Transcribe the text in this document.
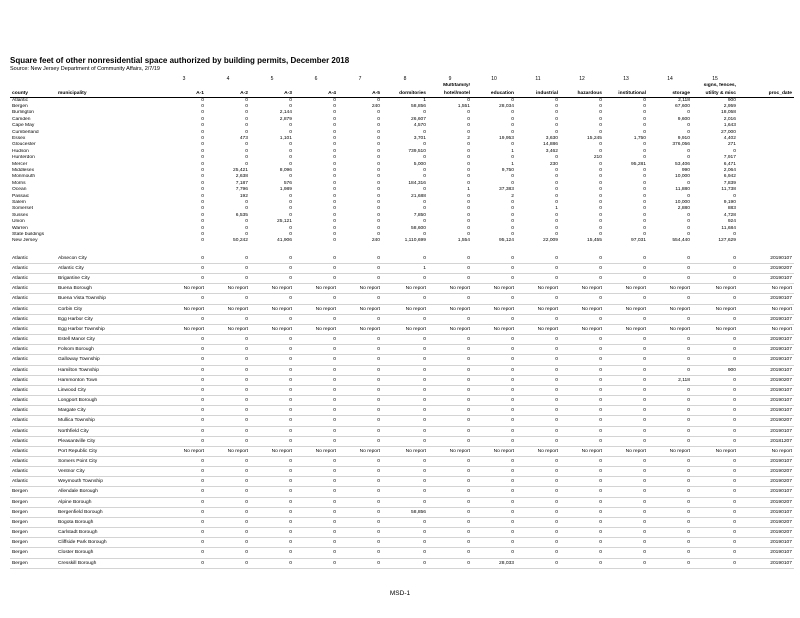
Square feet of other nonresidential space authorized by building permits, December 2018
Source: New Jersey Department of Community Affairs, 2/7/19
		3	4	5	6	7	8	9	10	11	12	13	14	15	
								Multifamily/						signs, fences,	
county	municipality	A-1	A-2	A-3	A-4	A-5	dormitories	hotel/motel	education	industrial	hazardous	institutional	storage	utility & misc	proc_date
Atlantic		0	0	0	0	0	1	0	0	0	0	0	2,118	900	
Bergen		0	0	0	0	240	58,856	1,551	28,034	0	0	0	67,600	2,959	
Burlington		0	0	2,144	0	0	0	0	0	0	0	0	0	18,058	
Camden		0	0	2,879	0	0	26,607	0	0	0	0	0	9,600	2,016	
Cape May		0	0	0	0	0	4,570	0	0	0	0	0	0	1,643	
Cumberland		0	0	0	0	0	0	0	0	0	0	0	0	27,000	
Essex		0	473	1,101	0	0	3,701	2	19,953	3,630	15,245	1,750	9,910	4,402	
Gloucester		0	0	0	0	0	0	0	0	14,886	0	0	376,056	271	
Hudson		0	0	0	0	0	739,510	0	1	3,462	0	0	0	0	
Hunterdon		0	0	0	0	0	0	0	0	0	210	0	0	7,917	
Mercer		0	0	0	0	0	5,000	0	1	230	0	95,281	53,406	6,471	
Middlesex		0	25,421	8,096	0	0	0	0	9,750	0	0	0	990	2,064	
Monmouth		0	2,638	0	0	0	0	0	0	0	0	0	10,000	6,942	
Morris		0	7,187	576	0	0	184,316	0	0	0	0	0	0	7,839	
Ocean		0	7,796	1,989	0	0	0	1	37,383	0	0	0	11,880	11,738	
Passaic		0	192	0	0	0	21,688	0	2	0	0	0	0	0	
Salem		0	0	0	0	0	0	0	0	0	0	0	10,000	9,190	
Somerset		0	0	0	0	0	0	0	0	1	0	0	2,880	883	
Sussex		0	6,535	0	0	0	7,850	0	0	0	0	0	0	4,728	
Union		0	0	25,121	0	0	0	0	0	0	0	0	0	924	
Warren		0	0	0	0	0	58,600	0	0	0	0	0	0	11,684	
State buildings		0	0	0	0	0	0	0	0	0	0	0	0	0	
New Jersey		0	50,242	41,906	0	240	1,110,699	1,554	95,124	22,009	15,455	97,031	554,440	127,629	

Atlantic	Absecon City	0	0	0	0	0	0	0	0	0	0	0	0	0	20190107
Atlantic	Atlantic City	0	0	0	0	0	1	0	0	0	0	0	0	0	20190207
Atlantic	Brigantine City	0	0	0	0	0	0	0	0	0	0	0	0	0	20190107
Atlantic	Buena Borough	No report	No report	No report	No report	No report	No report	No report	No report	No report	No report	No report	No report	No report	No report
Atlantic	Buena Vista Township	0	0	0	0	0	0	0	0	0	0	0	0	0	20190107
Atlantic	Corbin City	No report	No report	No report	No report	No report	No report	No report	No report	No report	No report	No report	No report	No report	No report
Atlantic	Egg Harbor City	0	0	0	0	0	0	0	0	0	0	0	0	0	20190107
Atlantic	Egg Harbor Township	No report	No report	No report	No report	No report	No report	No report	No report	No report	No report	No report	No report	No report	No report
Atlantic	Estell Manor City	0	0	0	0	0	0	0	0	0	0	0	0	0	20190107
Atlantic	Folsom Borough	0	0	0	0	0	0	0	0	0	0	0	0	0	20190107
Atlantic	Galloway Township	0	0	0	0	0	0	0	0	0	0	0	0	0	20190107
Atlantic	Hamilton Township	0	0	0	0	0	0	0	0	0	0	0	0	900	20190107
Atlantic	Hammonton Town	0	0	0	0	0	0	0	0	0	0	0	2,118	0	20190207
Atlantic	Linwood City	0	0	0	0	0	0	0	0	0	0	0	0	0	20190107
Atlantic	Longport Borough	0	0	0	0	0	0	0	0	0	0	0	0	0	20190107
Atlantic	Margate City	0	0	0	0	0	0	0	0	0	0	0	0	0	20190107
Atlantic	Mullica Township	0	0	0	0	0	0	0	0	0	0	0	0	0	20190207
Atlantic	Northfield City	0	0	0	0	0	0	0	0	0	0	0	0	0	20190107
Atlantic	Pleasantville City	0	0	0	0	0	0	0	0	0	0	0	0	0	20181207
Atlantic	Port Republic City	No report	No report	No report	No report	No report	No report	No report	No report	No report	No report	No report	No report	No report	No report
Atlantic	Somers Point City	0	0	0	0	0	0	0	0	0	0	0	0	0	20190107
Atlantic	Ventnor City	0	0	0	0	0	0	0	0	0	0	0	0	0	20190207
Atlantic	Weymouth Township	0	0	0	0	0	0	0	0	0	0	0	0	0	20190207
Bergen	Allendale Borough	0	0	0	0	0	0	0	0	0	0	0	0	0	20190107
Bergen	Alpine Borough	0	0	0	0	0	0	0	0	0	0	0	0	0	20190207
Bergen	Bergenfield Borough	0	0	0	0	0	58,856	0	0	0	0	0	0	0	20190107
Bergen	Bogota Borough	0	0	0	0	0	0	0	0	0	0	0	0	0	20190207
Bergen	Carlstadt Borough	0	0	0	0	0	0	0	0	0	0	0	0	0	20190207
Bergen	Cliffside Park Borough	0	0	0	0	0	0	0	0	0	0	0	0	0	20190107
Bergen	Closter Borough	0	0	0	0	0	0	0	0	0	0	0	0	0	20190107
Bergen	Cresskill Borough	0	0	0	0	0	0	0	28,033	0	0	0	0	0	20190107
MSD-1
